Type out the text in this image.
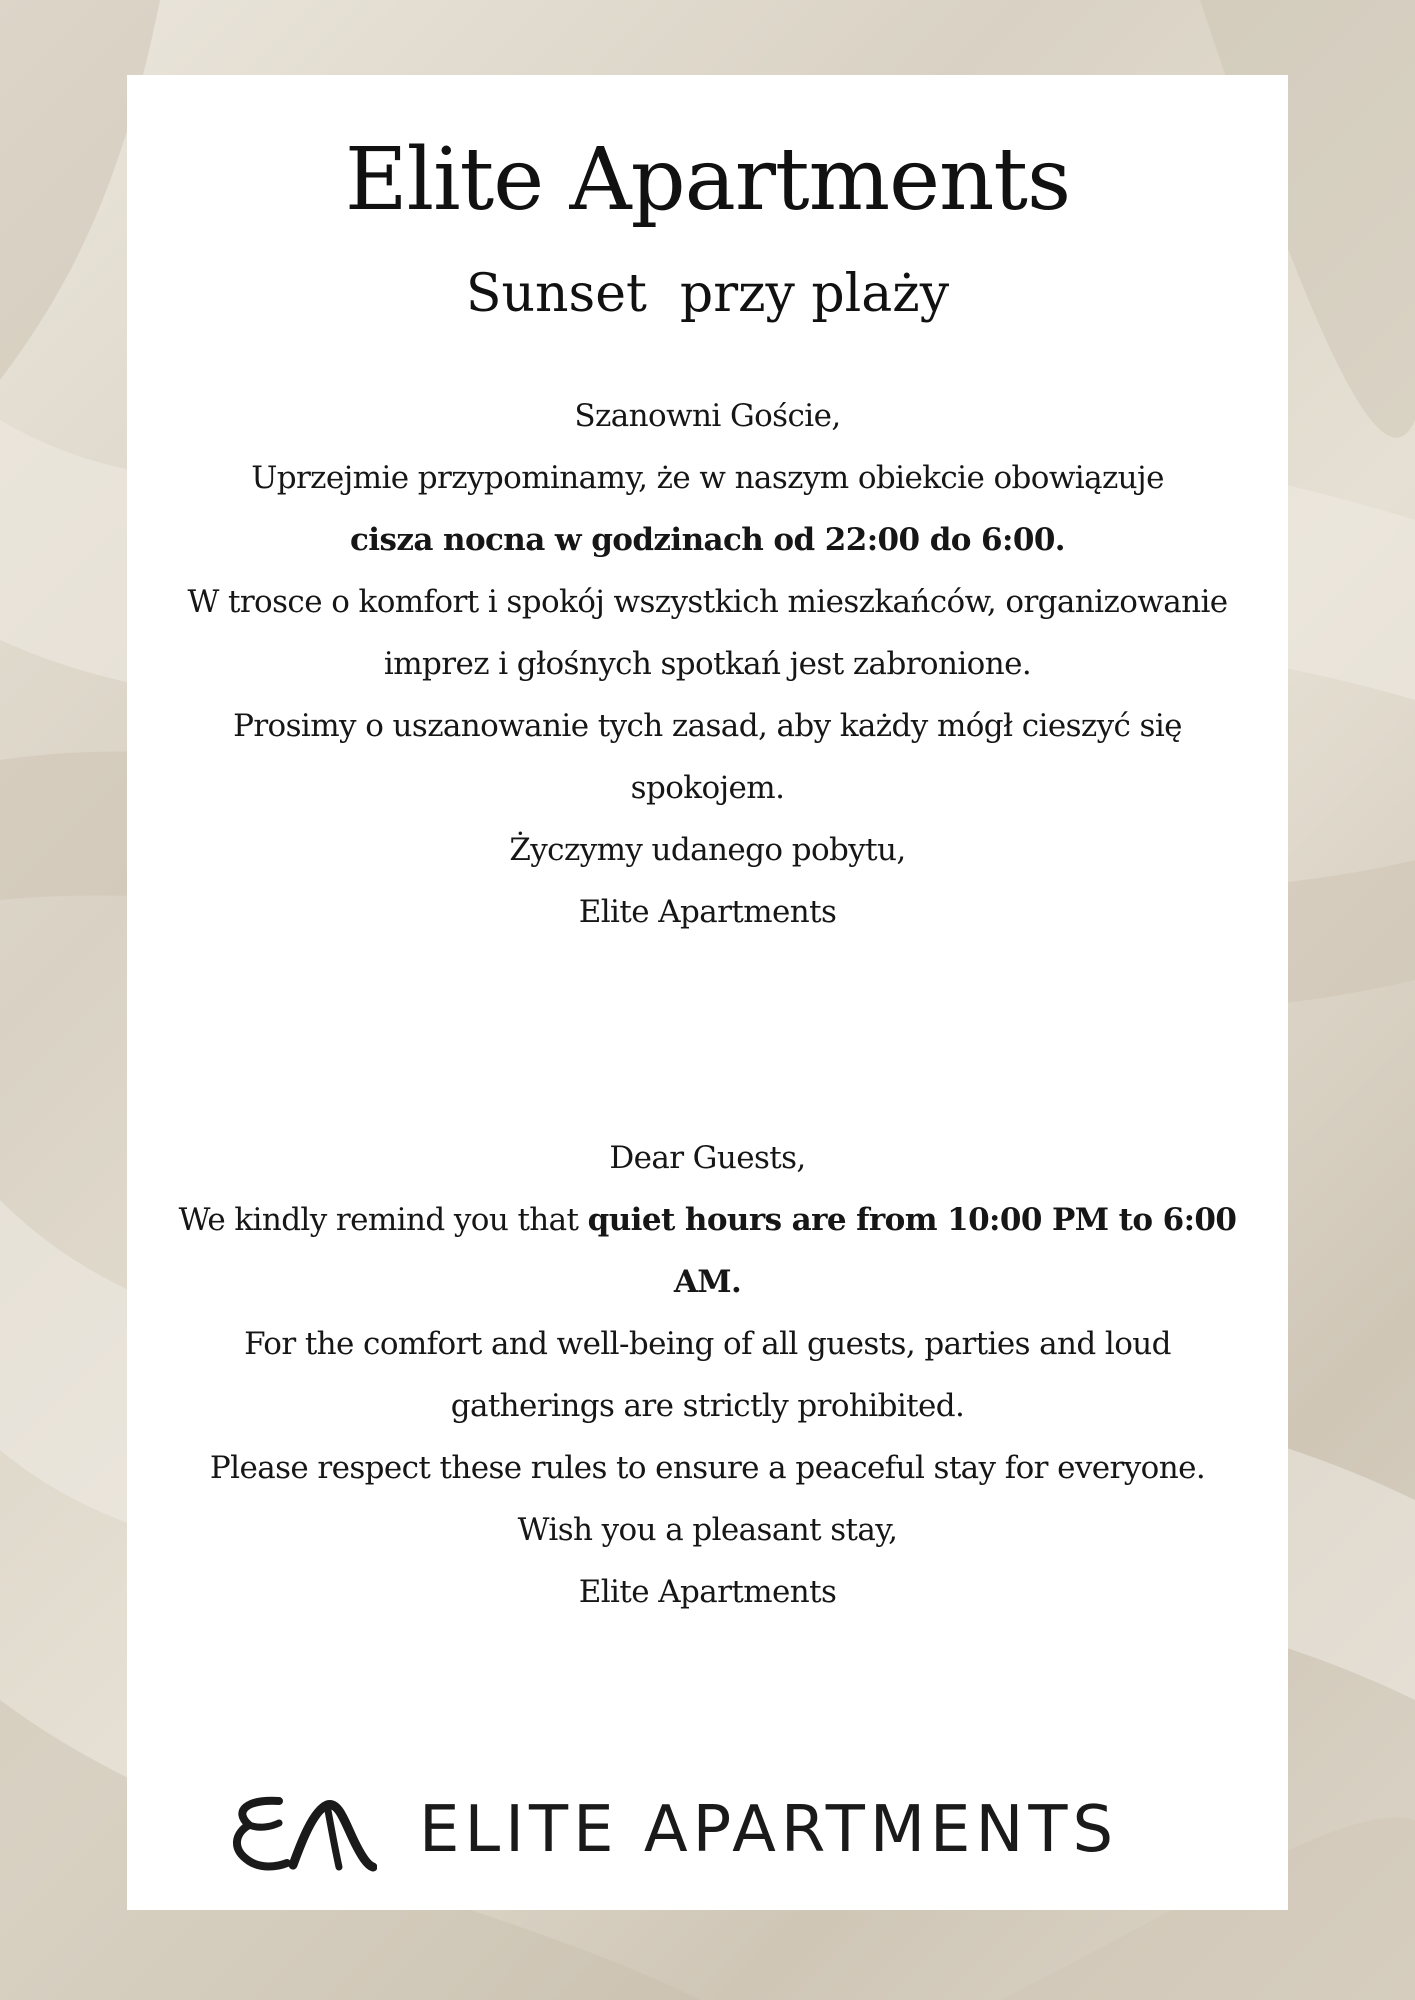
Elite Apartments
Sunset  przy plaży

Szanowni Goście,

Uprzejmie przypominamy, że w naszym obiekcie obowiązuje
cisza nocna w godzinach od 22:00 do 6:00.

W trosce o komfort i spokój wszystkich mieszkańców, organizowanie imprez i głośnych spotkań jest zabronione.

Prosimy o uszanowanie tych zasad, aby każdy mógł cieszyć się spokojem.

Życzymy udanego pobytu,

Elite Apartments

Dear Guests,

We kindly remind you that quiet hours are from 10:00 PM to 6:00 AM.

For the comfort and well-being of all guests, parties and loud gatherings are strictly prohibited.

Please respect these rules to ensure a peaceful stay for everyone.

Wish you a pleasant stay,

Elite Apartments

ELITE APARTMENTS
